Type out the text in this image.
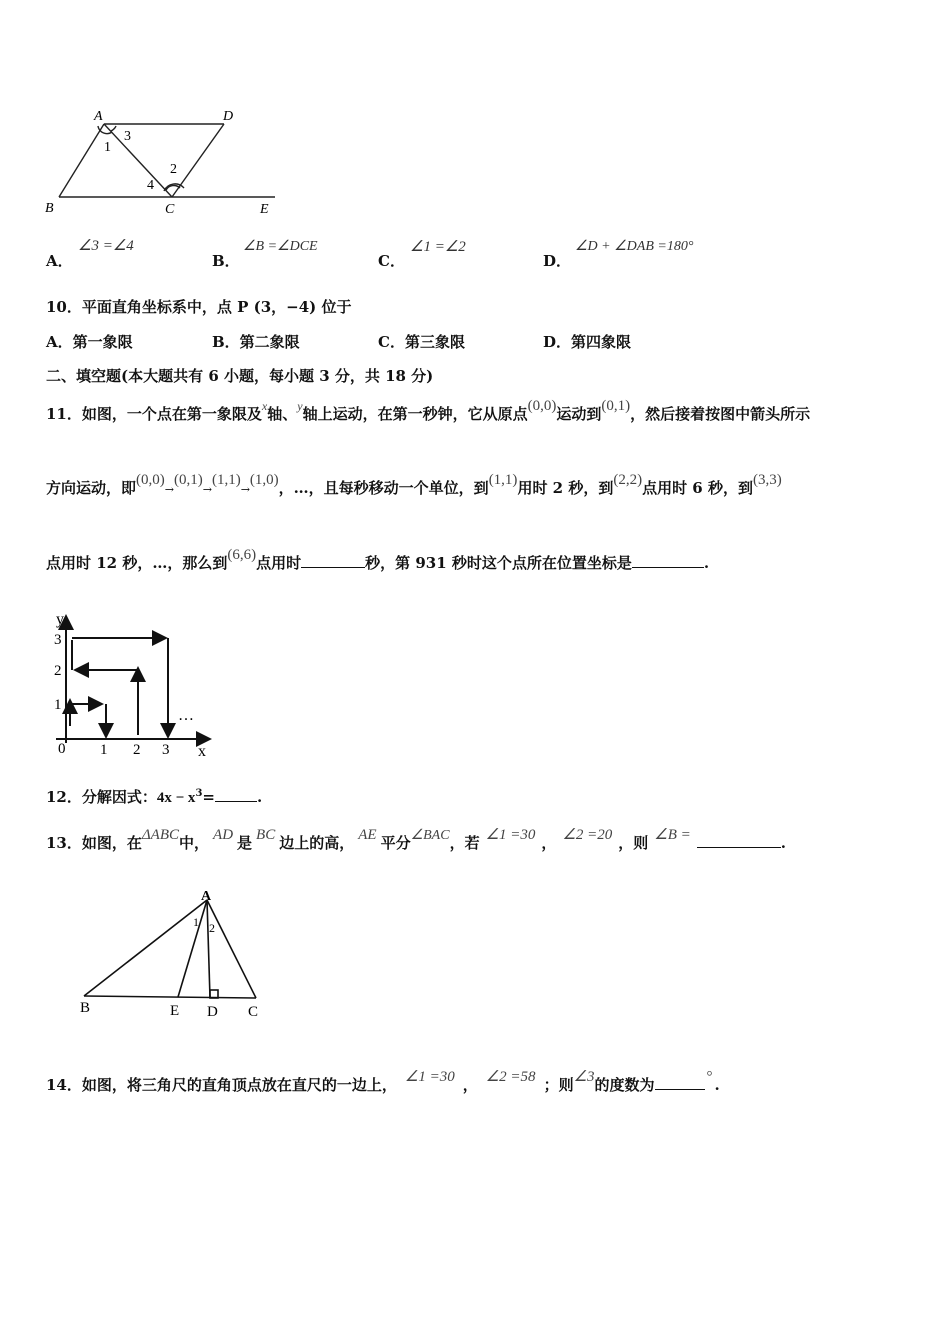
A	D
B	C	E
1
2
3
4
A．
∠3 =∠4
B．
∠B =∠DCE
C．
∠1 =∠2
D．
∠D + ∠DAB =180°
10．平面直角坐标系中，点 P (3，−4) 位于
A．第一象限	B．第二象限	C．第三象限	D．第四象限
二、填空题(本大题共有 6 小题，每小题 3 分，共 18 分)
11．如图，一个点在第一象限及$^x$轴、$^y$轴上运动，在第一秒钟，它从原点(0,0)运动到(0,1)，然后接着按图中箭头所示
方向运动，即(0,0)→(0,1)→(1,1)→(1,0)，…，且每秒移动一个单位，到(1,1)用时 2 秒，到(2,2)点用时 6 秒，到(3,3)
点用时 12 秒，…，那么到(6,6)点用时	秒，第 931 秒时这个点所在位置坐标是	.
y
x
0 1 2 3
1
2
3
…
12．分解因式：$4x - x^3=$	.
13．如图，在ΔABC中， AD 是 BC 边上的高， AE 平分∠BAC，若 ∠1 =30 ， ∠2 =20 ，则 ∠B =	.
A
B	E D C
1 2
14．如图，将三角尺的直角顶点放在直尺的一边上， ∠1 =30 ， ∠2 =58 ；则∠3的度数为	° .
